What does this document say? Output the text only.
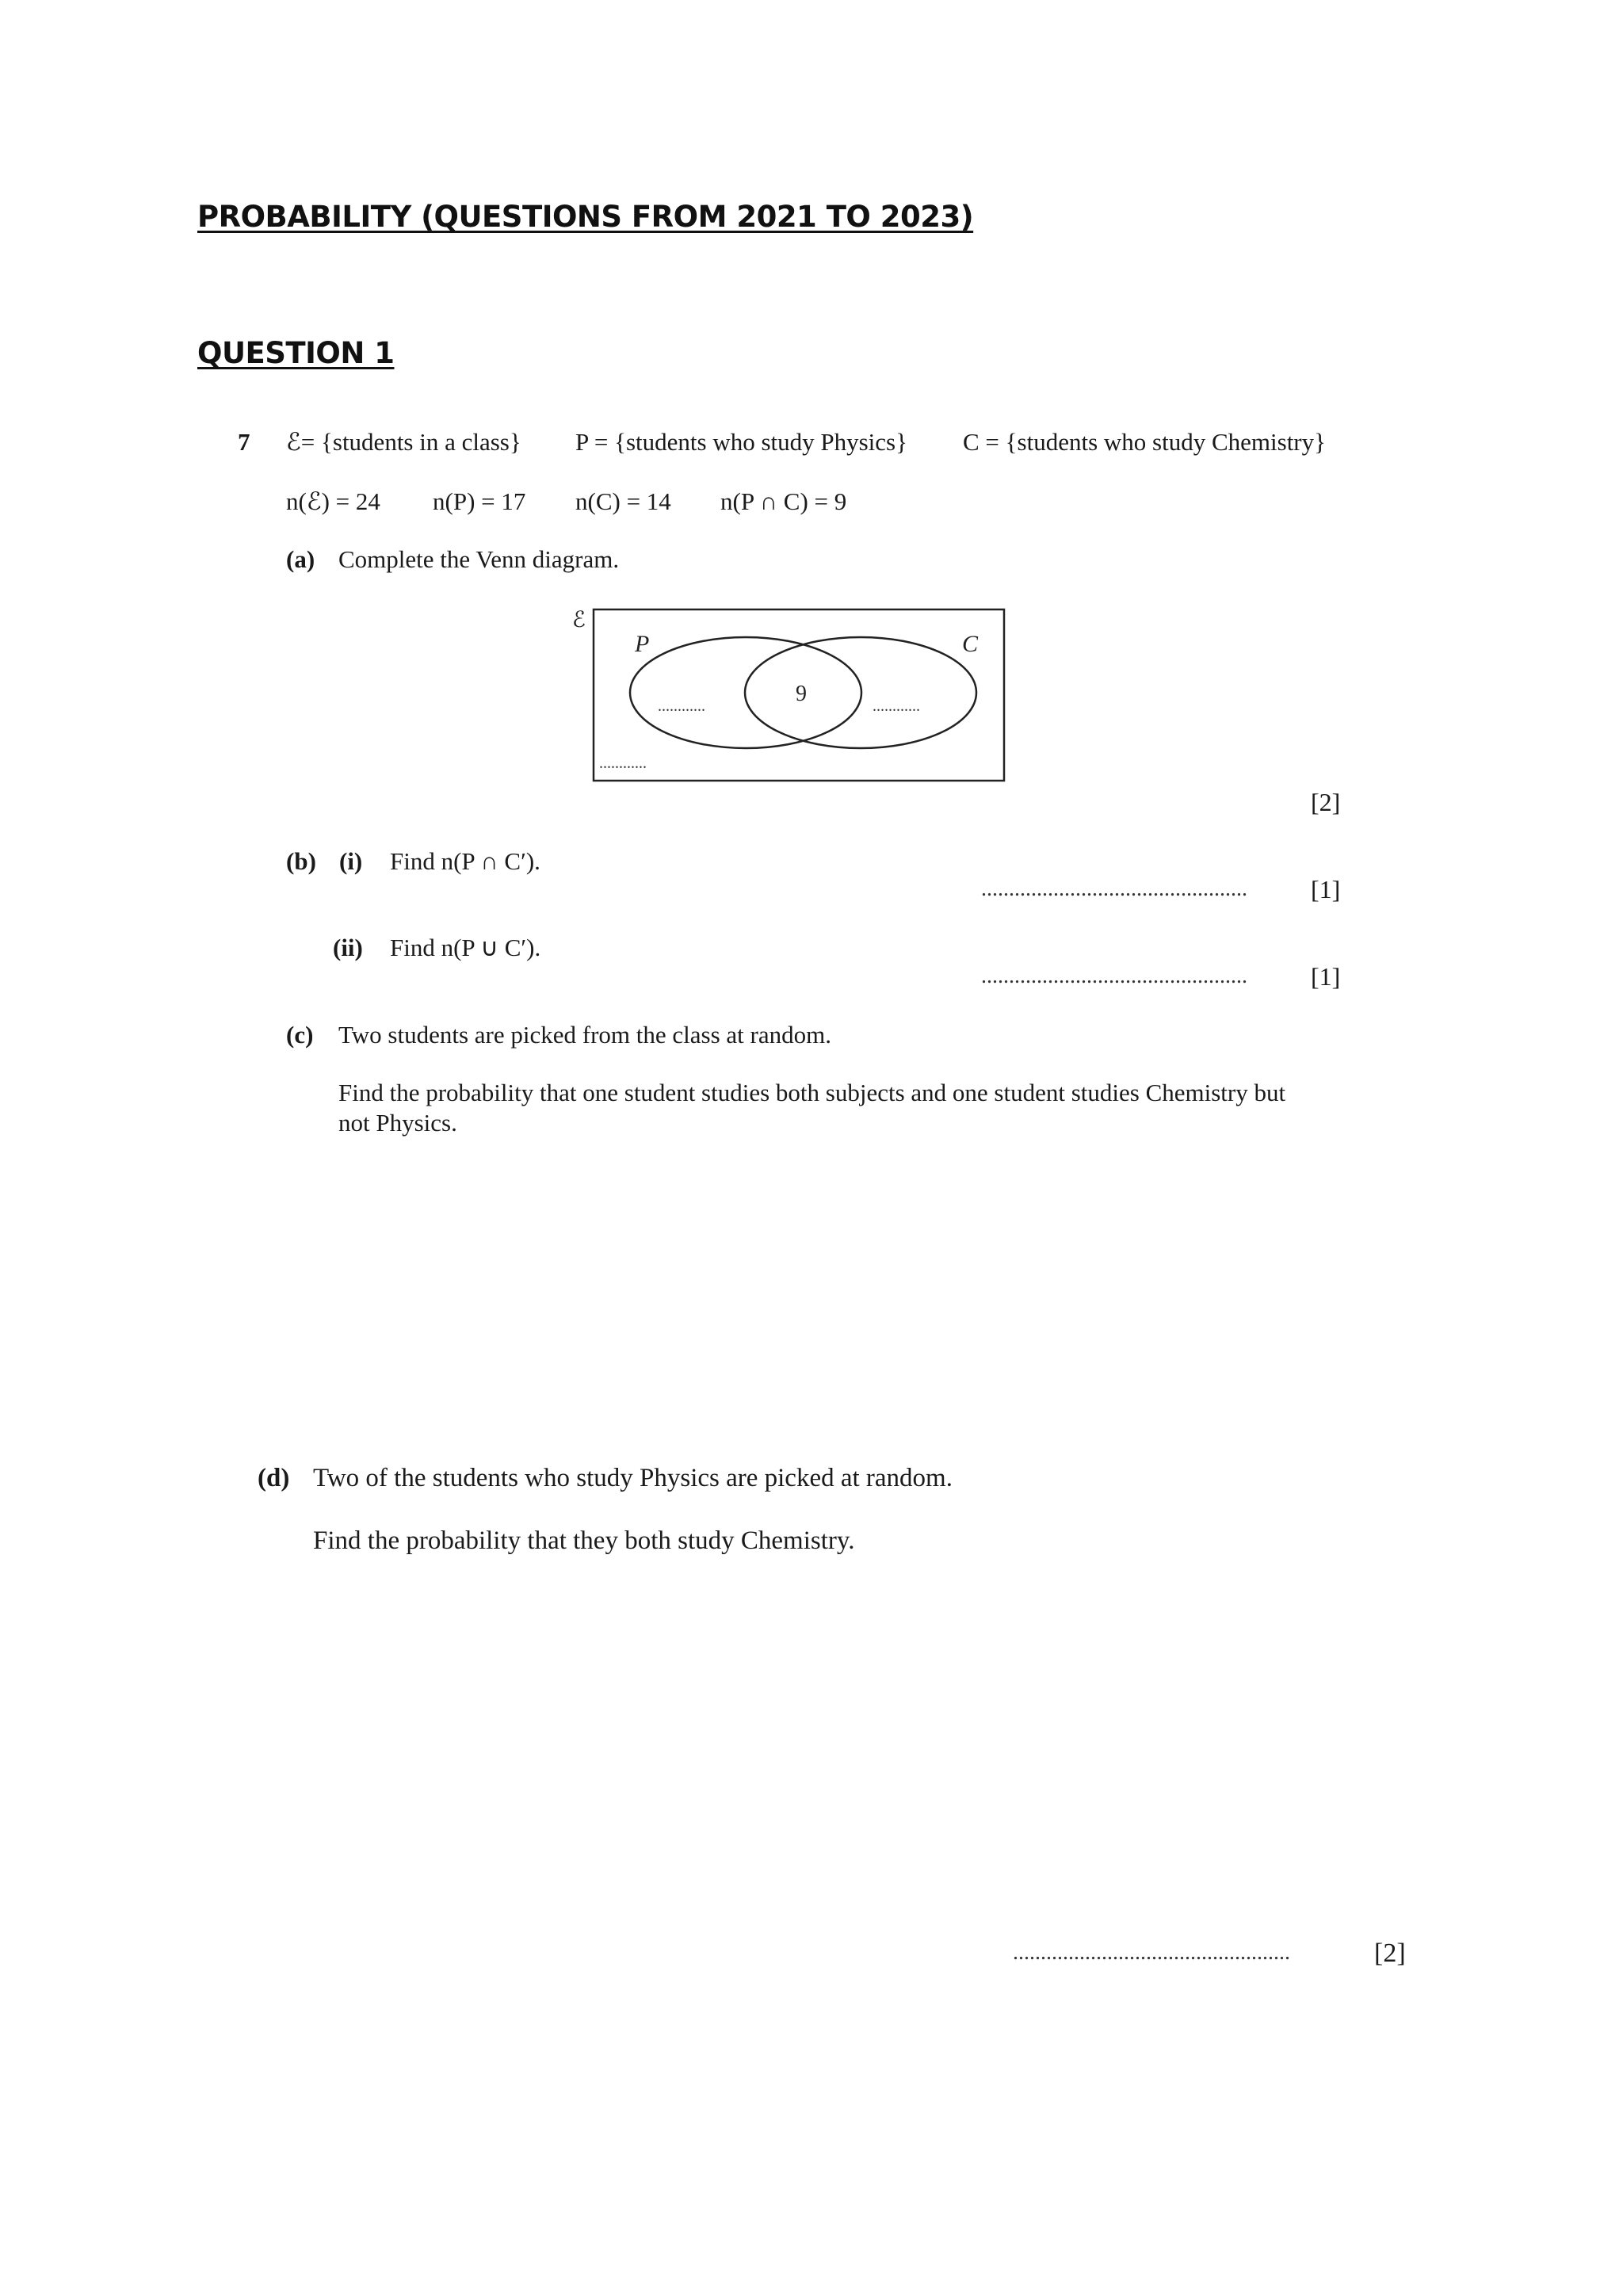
PROBABILITY (QUESTIONS FROM 2021 TO 2023)
QUESTION 1
7 ℰ= {students in a class} P = {students who study Physics} C = {students who study Chemistry}
n(ℰ) = 24 n(P) = 17 n(C) = 14 n(P ∩ C) = 9
(a) Complete the Venn diagram.
ℰ
P	C
9
............	............
............
[2]
(b) (i) Find n(P ∩ C′).
................................................	[1]
(ii) Find n(P ∪ C′).
................................................	[1]
(c) Two students are picked from the class at random.
Find the probability that one student studies both subjects and one student studies Chemistry but
not Physics.
(d) Two of the students who study Physics are picked at random.
Find the probability that they both study Chemistry.
..................................................	[2]
